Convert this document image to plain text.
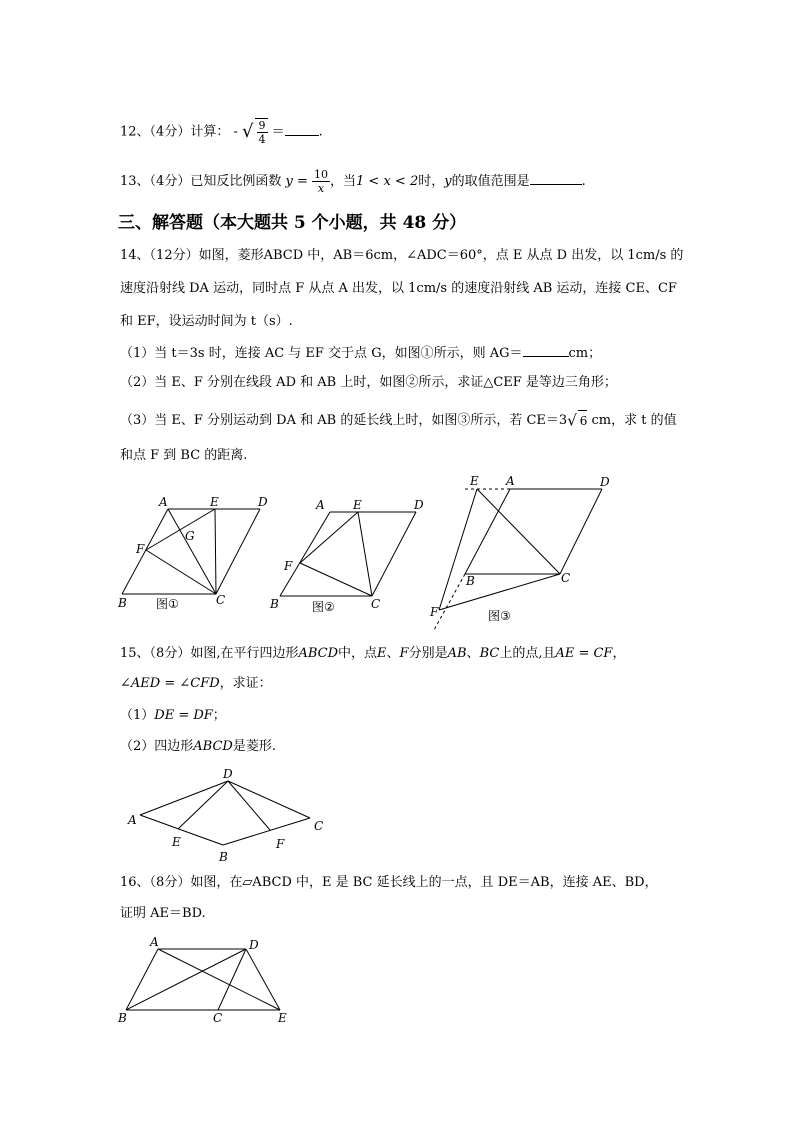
12、（4分）计算： - √ $\frac{9}{4}$ ＝	.
13、（4分）已知反比例函数 $y = \frac{10}{x}$ ，当1 < x < 2时，y的取值范围是	.
三、解答题（本大题共 5 个小题，共 48 分）
14、（12分）如图，菱形ABCD 中，AB＝6cm，∠ADC＝60°，点 E 从点 D 出发，以 1cm/s 的
速度沿射线 DA 运动，同时点 F 从点 A 出发，以 1cm/s 的速度沿射线 AB 运动，连接 CE、CF
和 EF，设运动时间为 t（s）.
（1）当 t＝3s 时，连接 AC 与 EF 交于点 G，如图①所示，则 AG＝	cm；
（2）当 E、F 分别在线段 AD 和 AB 上时，如图②所示，求证△CEF 是等边三角形；
（3）当 E、F 分别运动到 DA 和 AB 的延长线上时，如图③所示，若 CE＝3√ 6 cm，求 t 的值
和点 F 到 BC 的距离.
A	E	D
F
G
B	C
图①
A E	D
F
B	C
图②
E A	D
B	C
F	图③
15、（8分）如图,在平行四边形ABCD中，点E、F分别是AB、BC上的点,且AE = CF，
∠AED = ∠CFD，求证：
（1）DE = DF；
（2）四边形ABCD是菱形.
D
A	C
E	F
B
16、（8分）如图，在▱ABCD 中，E 是 BC 延长线上的一点，且 DE＝AB，连接 AE、BD，
证明 AE＝BD.
A	D
B	C	E
